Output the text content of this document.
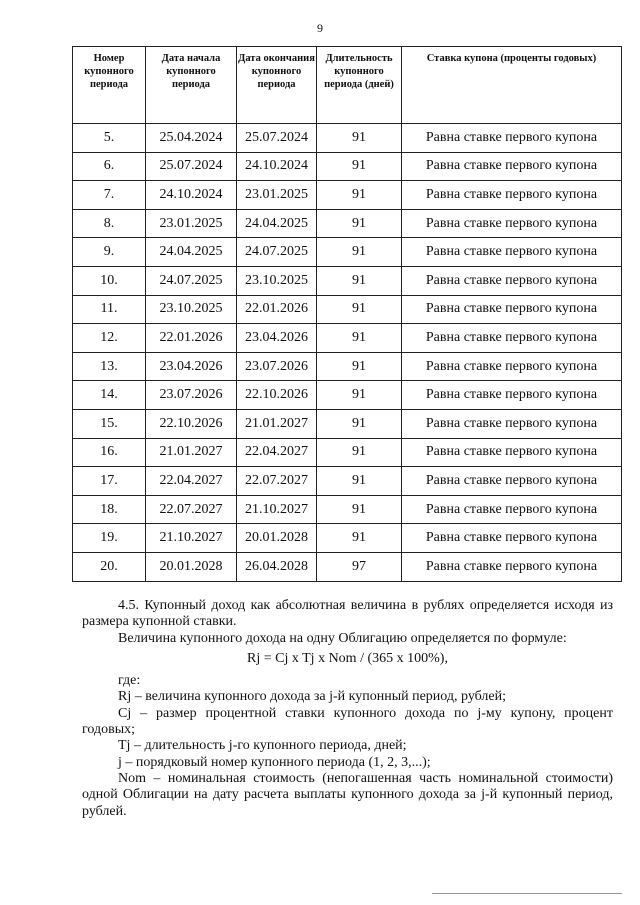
9
Номер купонного периода	Дата начала купонного периода	Дата окончания купонного периода	Длительность купонного периода (дней)	Ставка купона (проценты годовых)
5.	25.04.2024	25.07.2024	91	Равна ставке первого купона
6.	25.07.2024	24.10.2024	91	Равна ставке первого купона
7.	24.10.2024	23.01.2025	91	Равна ставке первого купона
8.	23.01.2025	24.04.2025	91	Равна ставке первого купона
9.	24.04.2025	24.07.2025	91	Равна ставке первого купона
10.	24.07.2025	23.10.2025	91	Равна ставке первого купона
11.	23.10.2025	22.01.2026	91	Равна ставке первого купона
12.	22.01.2026	23.04.2026	91	Равна ставке первого купона
13.	23.04.2026	23.07.2026	91	Равна ставке первого купона
14.	23.07.2026	22.10.2026	91	Равна ставке первого купона
15.	22.10.2026	21.01.2027	91	Равна ставке первого купона
16.	21.01.2027	22.04.2027	91	Равна ставке первого купона
17.	22.04.2027	22.07.2027	91	Равна ставке первого купона
18.	22.07.2027	21.10.2027	91	Равна ставке первого купона
19.	21.10.2027	20.01.2028	91	Равна ставке первого купона
20.	20.01.2028	26.04.2028	97	Равна ставке первого купона

4.5. Купонный доход как абсолютная величина в рублях определяется исходя из размера купонной ставки.

Величина купонного дохода на одну Облигацию определяется по формуле:

Rj = Cj x Tj x Nom / (365 x 100%),

где:

Rj – величина купонного дохода за j-й купонный период, рублей;

Cj – размер процентной ставки купонного дохода по j-му купону, процент годовых;

Tj – длительность j-го купонного периода, дней;

j – порядковый номер купонного периода (1, 2, 3,...);

Nom – номинальная стоимость (непогашенная часть номинальной стоимости) одной Облигации на дату расчета выплаты купонного дохода за j-й купонный период, рублей.
